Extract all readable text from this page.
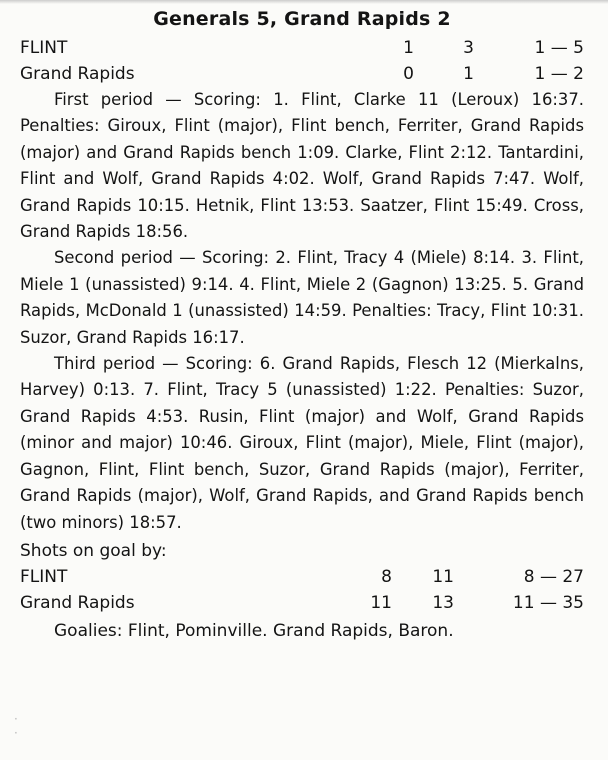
Generals 5, Grand Rapids 2
FLINT	1	3	1 — 5
Grand Rapids	0	1	1 — 2

First period — Scoring: 1. Flint, Clarke 11 (Leroux) 16:37. Penalties: Giroux, Flint (major), Flint bench, Ferriter, Grand Rapids (major) and Grand Rapids bench 1:09. Clarke, Flint 2:12. Tantardini, Flint and Wolf, Grand Rapids 4:02. Wolf, Grand Rapids 7:47. Wolf, Grand Rapids 10:15. Hetnik, Flint 13:53. Saatzer, Flint 15:49. Cross, Grand Rapids 18:56.

Second period — Scoring: 2. Flint, Tracy 4 (Miele) 8:14. 3. Flint, Miele 1 (unassisted) 9:14. 4. Flint, Miele 2 (Gagnon) 13:25. 5. Grand Rapids, McDonald 1 (unassisted) 14:59. Penalties: Tracy, Flint 10:31. Suzor, Grand Rapids 16:17.

Third period — Scoring: 6. Grand Rapids, Flesch 12 (Mierkalns, Harvey) 0:13. 7. Flint, Tracy 5 (unassisted) 1:22. Penalties: Suzor, Grand Rapids 4:53. Rusin, Flint (major) and Wolf, Grand Rapids (minor and major) 10:46. Giroux, Flint (major), Miele, Flint (major), Gagnon, Flint, Flint bench, Suzor, Grand Rapids (major), Ferriter, Grand Rapids (major), Wolf, Grand Rapids, and Grand Rapids bench (two minors) 18:57.

Shots on goal by:
FLINT	8	11	8 — 27
Grand Rapids	11	13	11 — 35
Goalies: Flint, Pominville. Grand Rapids, Baron.
·
·
